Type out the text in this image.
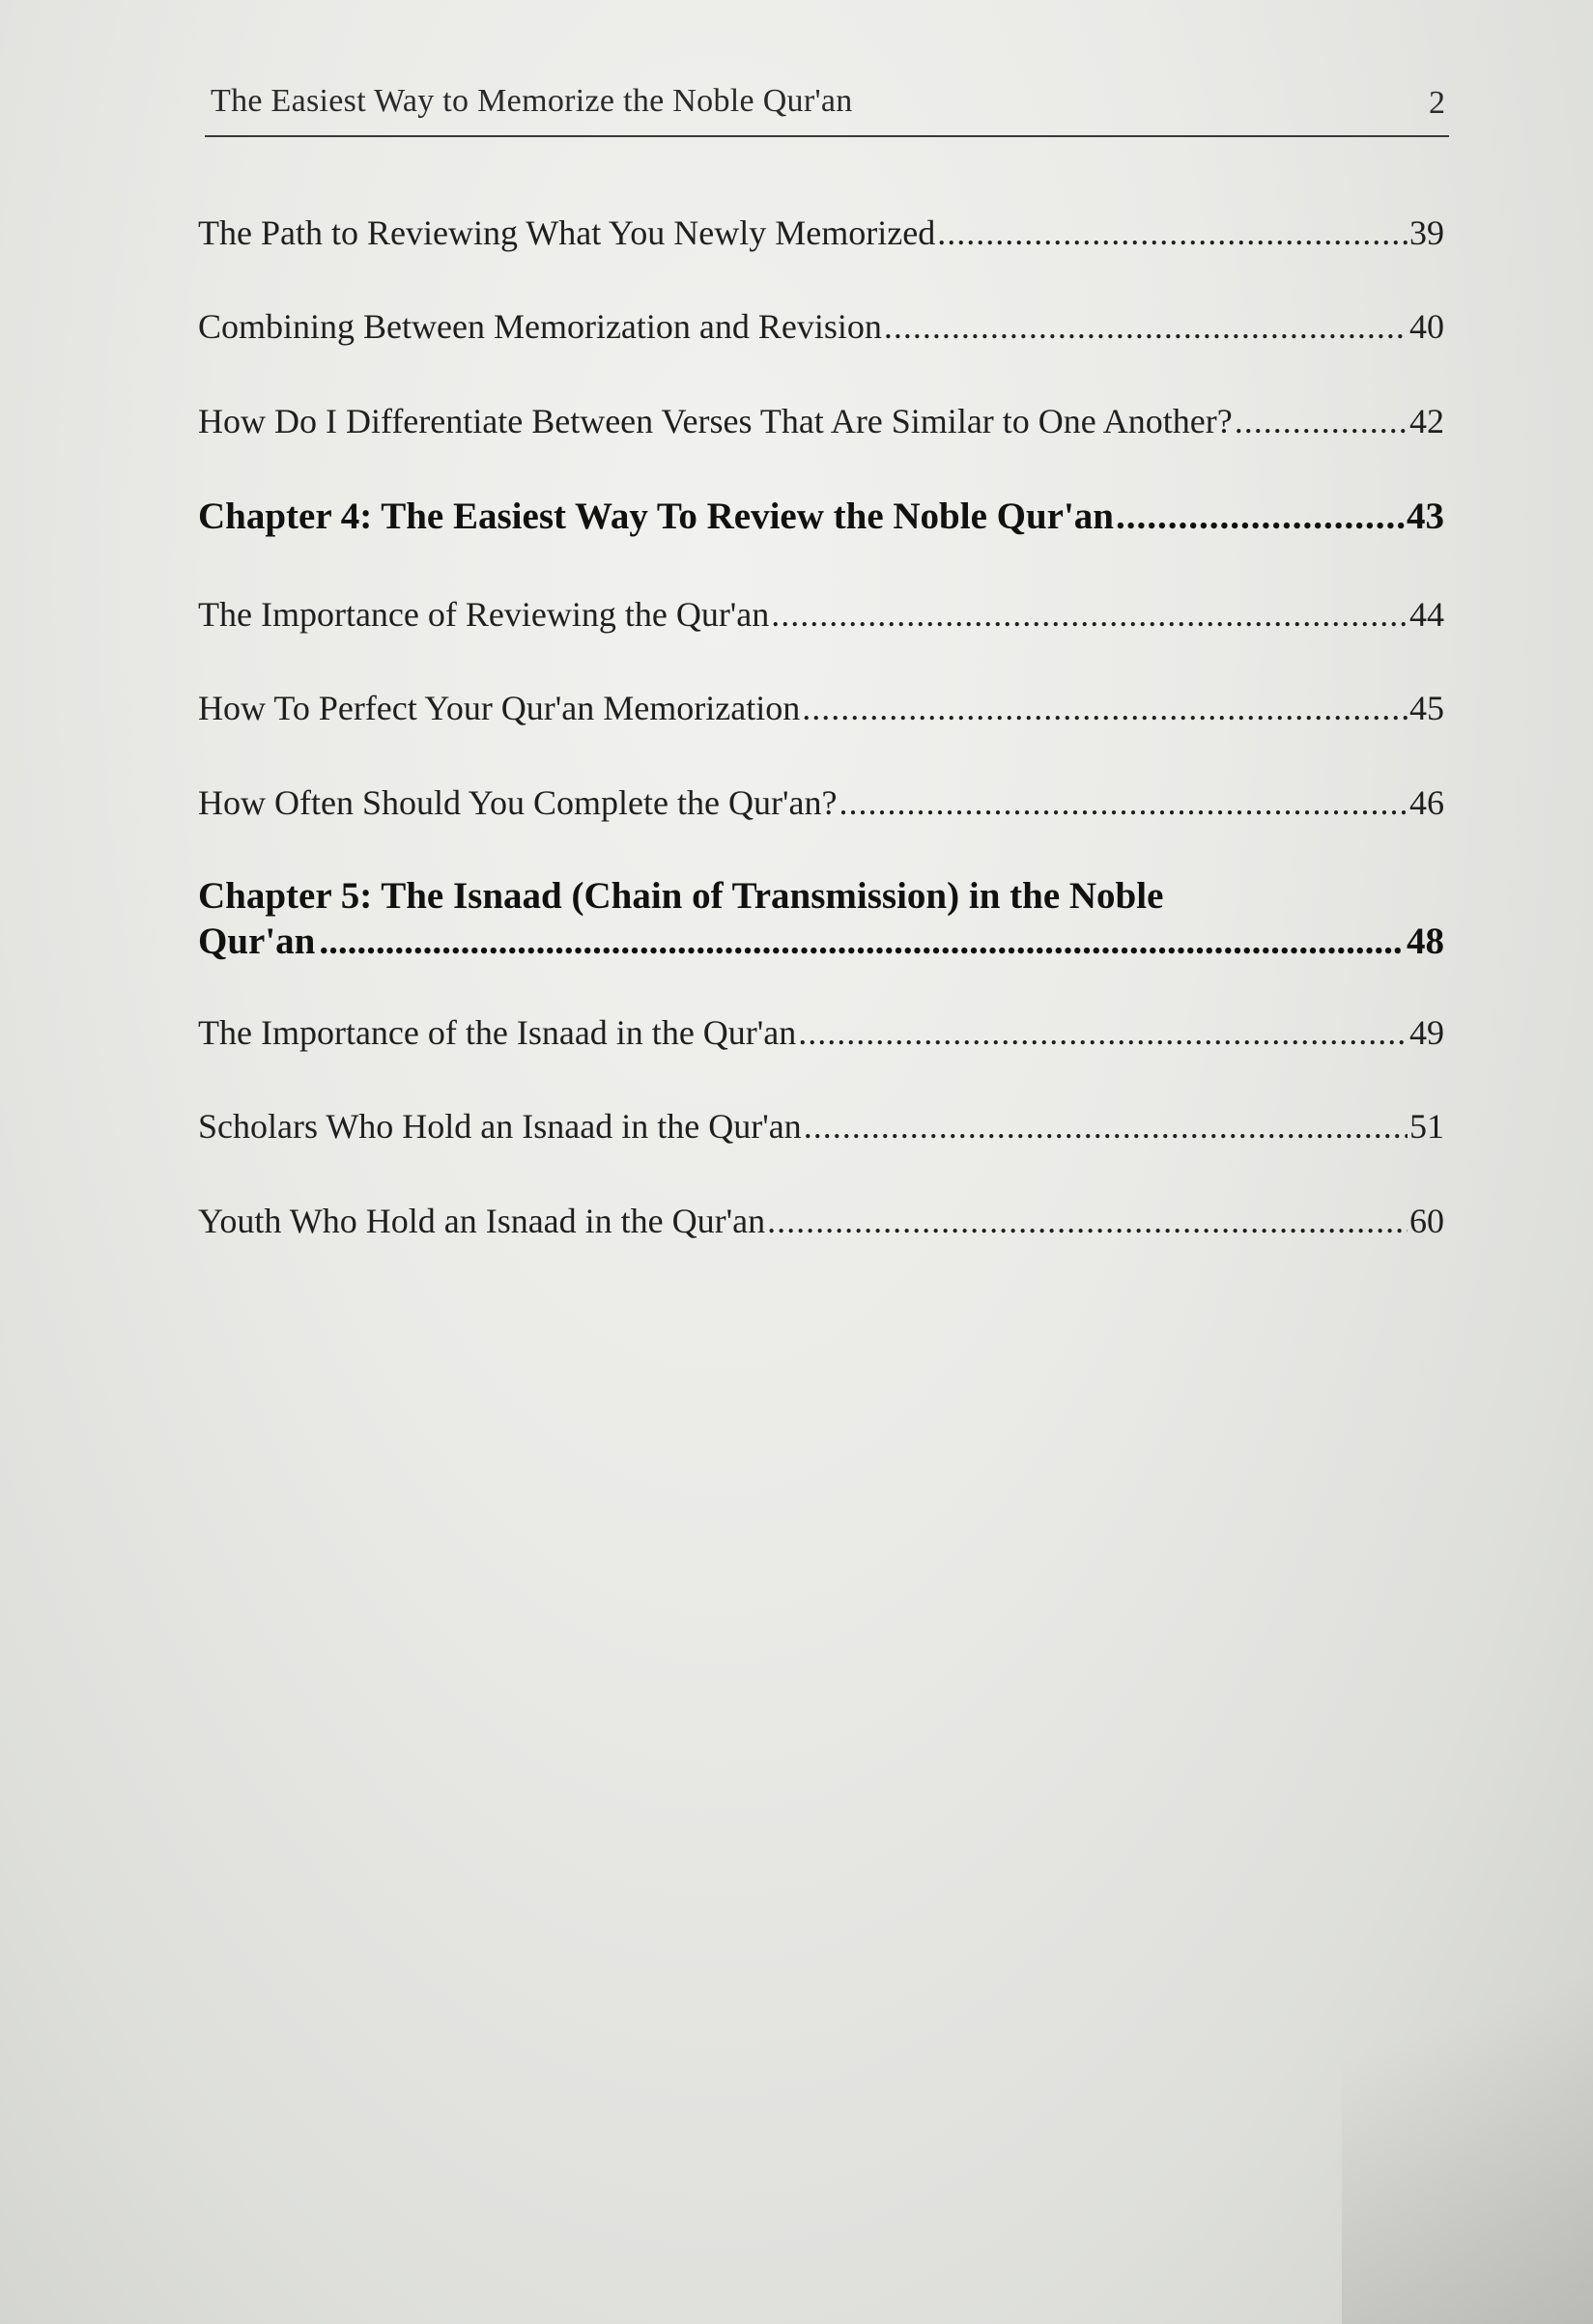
The Easiest Way to Memorize the Noble Qur'an	2
The Path to Reviewing What You Newly Memorized .....	39
Combining Between Memorization and Revision .....	40
How Do I Differentiate Between Verses That Are Similar to One Another? .....	42
Chapter 4: The Easiest Way To Review the Noble Qur'an .....	43
The Importance of Reviewing the Qur'an .....	44
How To Perfect Your Qur'an Memorization .....	45
How Often Should You Complete the Qur'an? .....	46
Chapter 5: The Isnaad (Chain of Transmission) in the Noble
Qur'an .....	48
The Importance of the Isnaad in the Qur'an .....	49
Scholars Who Hold an Isnaad in the Qur'an .....	51
Youth Who Hold an Isnaad in the Qur'an .....	60
